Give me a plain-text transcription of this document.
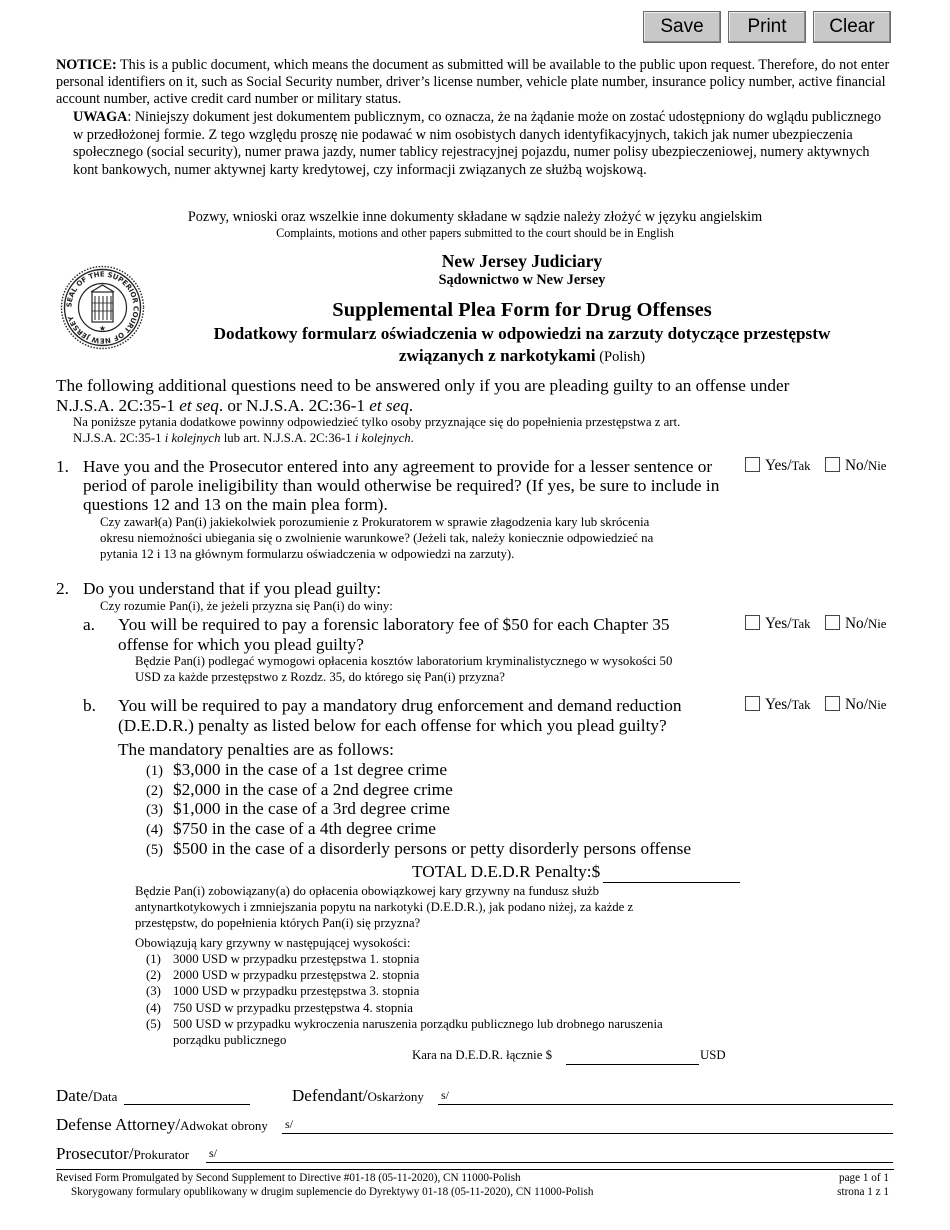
Save	Print	Clear
NOTICE: This is a public document, which means the document as submitted will be available to the public upon request. Therefore, do not enter personal identifiers on it, such as Social Security number, driver’s license number, vehicle plate number, insurance policy number, active financial account number, active credit card number or military status.
UWAGA: Niniejszy dokument jest dokumentem publicznym, co oznacza, że na żądanie może on zostać udostępniony do wglądu publicznego w przedłożonej formie. Z tego względu proszę nie podawać w nim osobistych danych identyfikacyjnych, takich jak numer ubezpieczenia społecznego (social security), numer prawa jazdy, numer tablicy rejestracyjnej pojazdu, numer polisy ubezpieczeniowej, numery aktywnych kont bankowych, numer aktywnej karty kredytowej, czy informacji związanych ze służbą wojskową.
Pozwy, wnioski oraz wszelkie inne dokumenty składane w sądzie należy złożyć w języku angielskim
Complaints, motions and other papers submitted to the court should be in English
SEAL OF THE SUPERIOR COURT OF NEW JERSEY
★
New Jersey Judiciary
Sądownictwo w New Jersey
Supplemental Plea Form for Drug Offenses
Dodatkowy formularz oświadczenia w odpowiedzi na zarzuty dotyczące przestępstw
związanych z narkotykami (Polish)
The following additional questions need to be answered only if you are pleading guilty to an offense under
N.J.S.A. 2C:35-1 et seq. or N.J.S.A. 2C:36-1 et seq.
Na poniższe pytania dodatkowe powinny odpowiedzieć tylko osoby przyznające się do popełnienia przestępstwa z art.
N.J.S.A. 2C:35-1 i kolejnych lub art. N.J.S.A. 2C:36-1 i kolejnych.
1. Have you and the Prosecutor entered into any agreement to provide for a lesser sentence or
period of parole ineligibility than would otherwise be required? (If yes, be sure to include in
questions 12 and 13 on the main plea form).
Czy zawarł(a) Pan(i) jakiekolwiek porozumienie z Prokuratorem w sprawie złagodzenia kary lub skrócenia
okresu niemożności ubiegania się o zwolnienie warunkowe? (Jeżeli tak, należy koniecznie odpowiedzieć na
pytania 12 i 13 na głównym formularzu oświadczenia w odpowiedzi na zarzuty).
Yes/Tak	No/Nie
2. Do you understand that if you plead guilty:
Czy rozumie Pan(i), że jeżeli przyzna się Pan(i) do winy:
a. You will be required to pay a forensic laboratory fee of $50 for each Chapter 35
offense for which you plead guilty?
Będzie Pan(i) podlegać wymogowi opłacenia kosztów laboratorium kryminalistycznego w wysokości 50
USD za każde przestępstwo z Rozdz. 35, do którego się Pan(i) przyzna?
Yes/Tak	No/Nie
b. You will be required to pay a mandatory drug enforcement and demand reduction
(D.E.D.R.) penalty as listed below for each offense for which you plead guilty?
Yes/Tak	No/Nie
The mandatory penalties are as follows:
(1) $3,000 in the case of a 1st degree crime
(2) $2,000 in the case of a 2nd degree crime
(3) $1,000 in the case of a 3rd degree crime
(4) $750 in the case of a 4th degree crime
(5) $500 in the case of a disorderly persons or petty disorderly persons offense
TOTAL D.E.D.R Penalty:$
Będzie Pan(i) zobowiązany(a) do opłacenia obowiązkowej kary grzywny na fundusz służb
antynartkotykowych i zmniejszania popytu na narkotyki (D.E.D.R.), jak podano niżej, za każde z
przestępstw, do popełnienia których Pan(i) się przyzna?
Obowiązują kary grzywny w następującej wysokości:
(1) 3000 USD w przypadku przestępstwa 1. stopnia
(2) 2000 USD w przypadku przestępstwa 2. stopnia
(3) 1000 USD w przypadku przestępstwa 3. stopnia
(4) 750 USD w przypadku przestępstwa 4. stopnia
(5) 500 USD w przypadku wykroczenia naruszenia porządku publicznego lub drobnego naruszenia
porządku publicznego
Kara na D.E.D.R. łącznie $	USD
Date/Data	Defendant/Oskarżony s/
Defense Attorney/Adwokat obrony s/
Prosecutor/Prokurator s/
Revised Form Promulgated by Second Supplement to Directive #01-18 (05-11-2020), CN 11000-Polish
Skorygowany formulary opublikowany w drugim suplemencie do Dyrektywy 01-18 (05-11-2020), CN 11000-Polish
page 1 of 1
strona 1 z 1
